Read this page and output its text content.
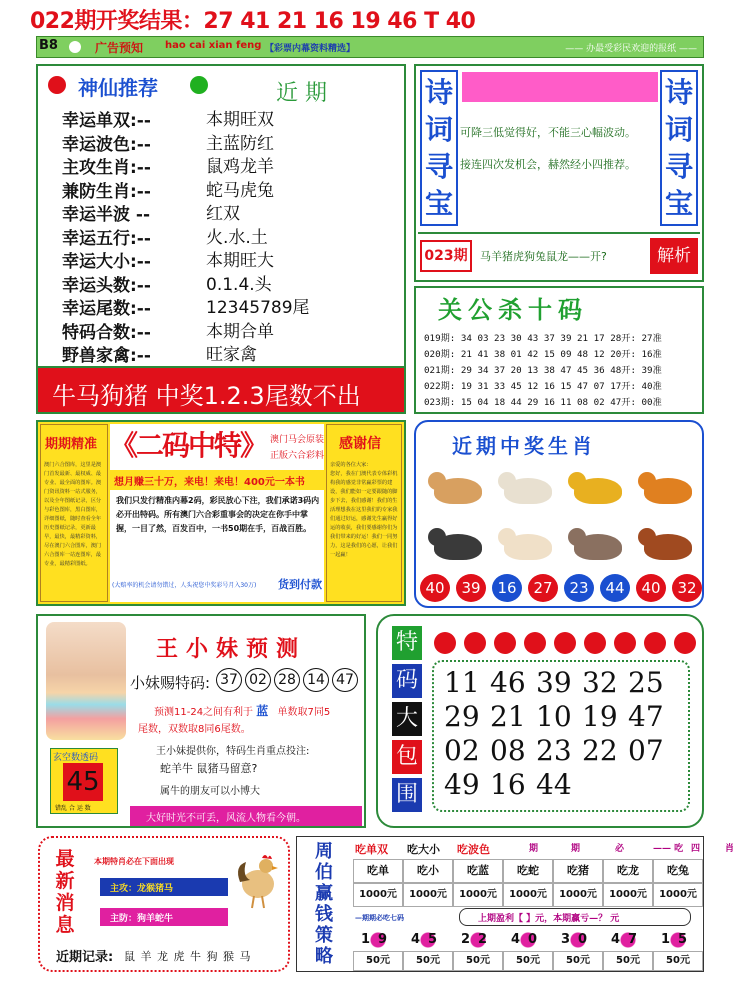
022期开奖结果：27 41 21 16 19 46 T 40
B8	广告预知 hao cai xian feng 【彩票内幕资料精选】	—— 办最受彩民欢迎的报纸 ——
神仙推荐	近 期
幸运单双:--	本期旺双
幸运波色:--	主蓝防红
主攻生肖:--	鼠鸡龙羊
兼防生肖:--	蛇马虎兔
幸运半波 --	红双
幸运五行:--	火.水.土
幸运大小:--	本期旺大
幸运头数:--	0.1.4.头
幸运尾数:--	12345789尾
特码合数:--	本期合单
野兽家禽:--	旺家禽
牛马狗猪 中奖1.2.3尾数不出
诗
词
寻
宝
诗
词
寻
宝
可降三低觉得好，不能三心幅波动。
接连四次发机会，赫然经小四推荐。
023期	马羊猪虎狗兔鼠龙——开?	解析
关公杀十码
019期: 34 03 23 30 43 37 39 21 17 28开: 27准
020期: 21 41 38 01 42 15 09 48 12 20开: 16准
021期: 29 34 37 20 13 38 47 45 36 48开: 39准
022期: 19 31 33 45 12 16 15 47 07 17开: 40准
023期: 15 04 18 44 29 16 11 08 02 47开: 00准
期期精准
澳门六合图库，这里是澳门首发最新、最权威、最专业、最全面的图库。澳门资讯资料一站式服务，以及全年图纸记录，区分与彩色图库，黑白图库，详细图纸，随时查看全年历史图纸记录，更新最早，最快，最精彩资料，尽在澳门六合图库，澳门六合图库一站连图库，最专业，最精彩图纸。
《二码中特》 澳门马会原装
正版六合彩料
想月赚三十万，来电！来电！400元一本书
我们只发行精准内幕2码，彩民放心下注，我们承诺3码内必开出特码。所有澳门六合彩重事会的决定在你手中掌握，一目了然，百发百中，一书50期在手，百战百胜。
(大赔率的机会请勿错过，人头祝您中奖彩号月入30万)	货到付款
感谢信
亲爱的各位大家：
您好，我在门澳代表专体彩机构我的感觉非常赢彩票的建设，我们能如一定要跟随的脚步下去，我们感谢！我们的生活理想我在这里我们的专家我们通过好运，感谢先生赢得好运的收获，我们要感谢你们为我们带来的好运！我们一同努力，这是我们的心愿，让我们一起赢！
近期中奖生肖
40	39	16	27	23	44	40	32
王小妹预测
小妹赐特码: 37 02 28 14 47
预测11-24之间有利于 蓝 单数取7同5
尾数，双数取8同6尾数。
玄空数透码
45
错乱 合 运 数
王小妹提供你，特码生肖重点投注:
蛇羊牛 鼠猪马留意?
属牛的朋友可以小博大
大好时光不可丢，风流人物看今朝。
特
码
大
包
围
11 46 39 32 25
29 21 10 19 47
02 08 23 22 07
49 16 44
最
新
消
息
本期特肖必在下面出现
主攻：龙猴猪马
主防：狗羊蛇牛
近期记录: 鼠 羊 龙 虎 牛 狗 猴 马
周
伯
赢
钱
策
略
吃单双 吃大小 吃波色	期	期	必	—— 吃 四	肖
吃单	吃小	吃蓝	吃蛇	吃猪	吃龙	吃兔
1000元	1000元	1000元	1000元	1000元	1000元	1000元
—期期必吃七码	上期盈利【 】元，本期赢亏—？ 元
19 45 22 40 30 47 15
50元	50元	50元	50元	50元	50元	50元
